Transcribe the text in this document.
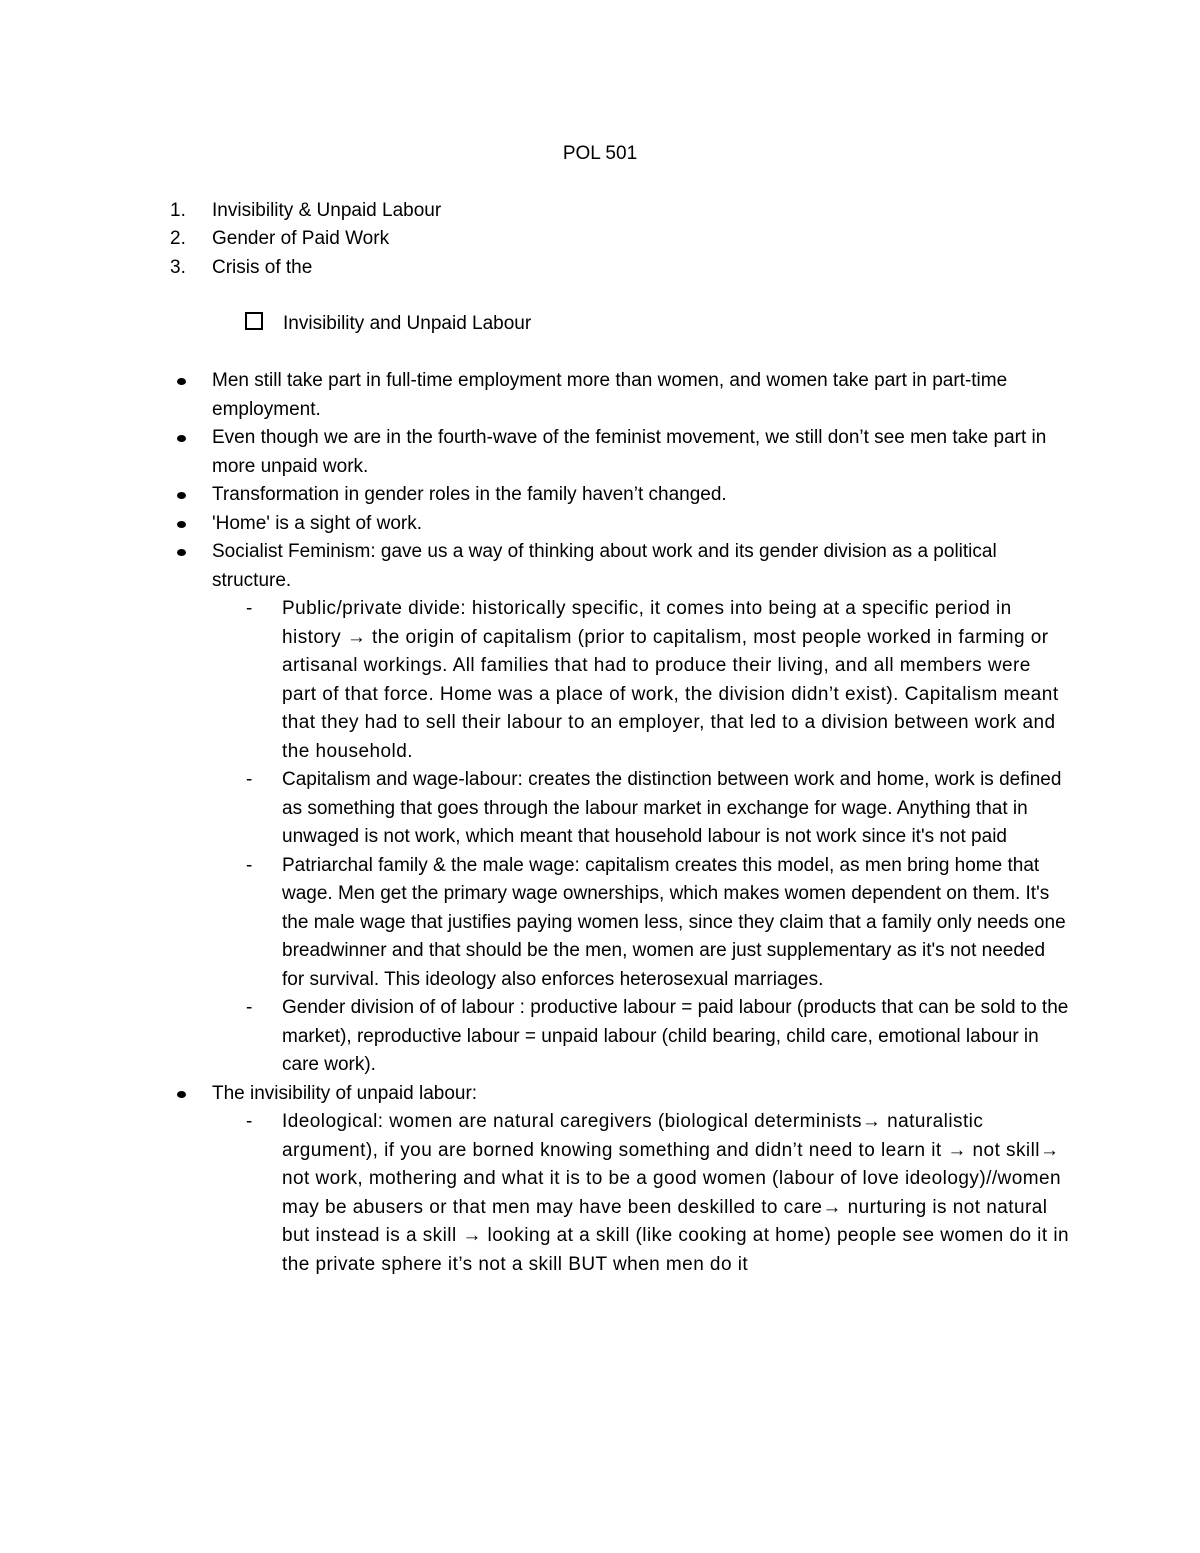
POL 501
1. Invisibility & Unpaid Labour
2. Gender of Paid Work
3. Crisis of the
Invisibility and Unpaid Labour
Men still take part in full-time employment more than women, and women take part in part-time employment.
Even though we are in the fourth-wave of the feminist movement, we still don’t see men take part in more unpaid work.
Transformation in gender roles in the family haven’t changed.
'Home' is a sight of work.
Socialist Feminism: gave us a way of thinking about work and its gender division as a political structure.
- Public/private divide: historically specific, it comes into being at a specific period in history → the origin of capitalism (prior to capitalism, most people worked in farming or artisanal workings. All families that had to produce their living, and all members were part of that force. Home was a place of work, the division didn’t exist). Capitalism meant that they had to sell their labour to an employer, that led to a division between work and the household.
- Capitalism and wage-labour: creates the distinction between work and home, work is defined as something that goes through the labour market in exchange for wage. Anything that in unwaged is not work, which meant that household labour is not work since it's not paid
- Patriarchal family & the male wage: capitalism creates this model, as men bring home that wage. Men get the primary wage ownerships, which makes women dependent on them. It's the male wage that justifies paying women less, since they claim that a family only needs one breadwinner and that should be the men, women are just supplementary as it's not needed for survival. This ideology also enforces heterosexual marriages.
- Gender division of of labour : productive labour = paid labour (products that can be sold to the market), reproductive labour = unpaid labour (child bearing, child care, emotional labour in care work).
The invisibility of unpaid labour:
- Ideological: women are natural caregivers (biological determinists→ naturalistic argument), if you are borned knowing something and didn’t need to learn it → not skill→ not work, mothering and what it is to be a good women (labour of love ideology)//women may be abusers or that men may have been deskilled to care→ nurturing is not natural but instead is a skill → looking at a skill (like cooking at home) people see women do it in the private sphere it’s not a skill BUT when men do it
